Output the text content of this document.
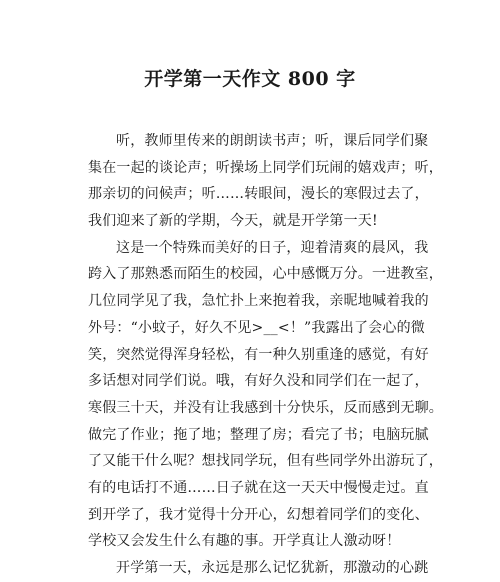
开学第一天作文 800 字
听，教师里传来的朗朗读书声；听，课后同学们聚
集在一起的谈论声；听操场上同学们玩闹的嬉戏声；听，
那亲切的问候声；听……转眼间，漫长的寒假过去了，
我们迎来了新的学期，今天，就是开学第一天!
这是一个特殊而美好的日子，迎着清爽的晨风，我
跨入了那熟悉而陌生的校园，心中感慨万分。一进教室，
几位同学见了我，急忙扑上来抱着我，亲昵地喊着我的
外号：“小蚊子，好久不见>__<！”我露出了会心的微
笑，突然觉得浑身轻松，有一种久别重逢的感觉，有好
多话想对同学们说。哦，有好久没和同学们在一起了，
寒假三十天，并没有让我感到十分快乐，反而感到无聊。
做完了作业；拖了地；整理了房；看完了书；电脑玩腻
了又能干什么呢？想找同学玩，但有些同学外出游玩了，
有的电话打不通……日子就在这一天天中慢慢走过。直
到开学了，我才觉得十分开心，幻想着同学们的变化、
学校又会发生什么有趣的事。开学真让人激动呀！
开学第一天，永远是那么记忆犹新，那激动的心跳
